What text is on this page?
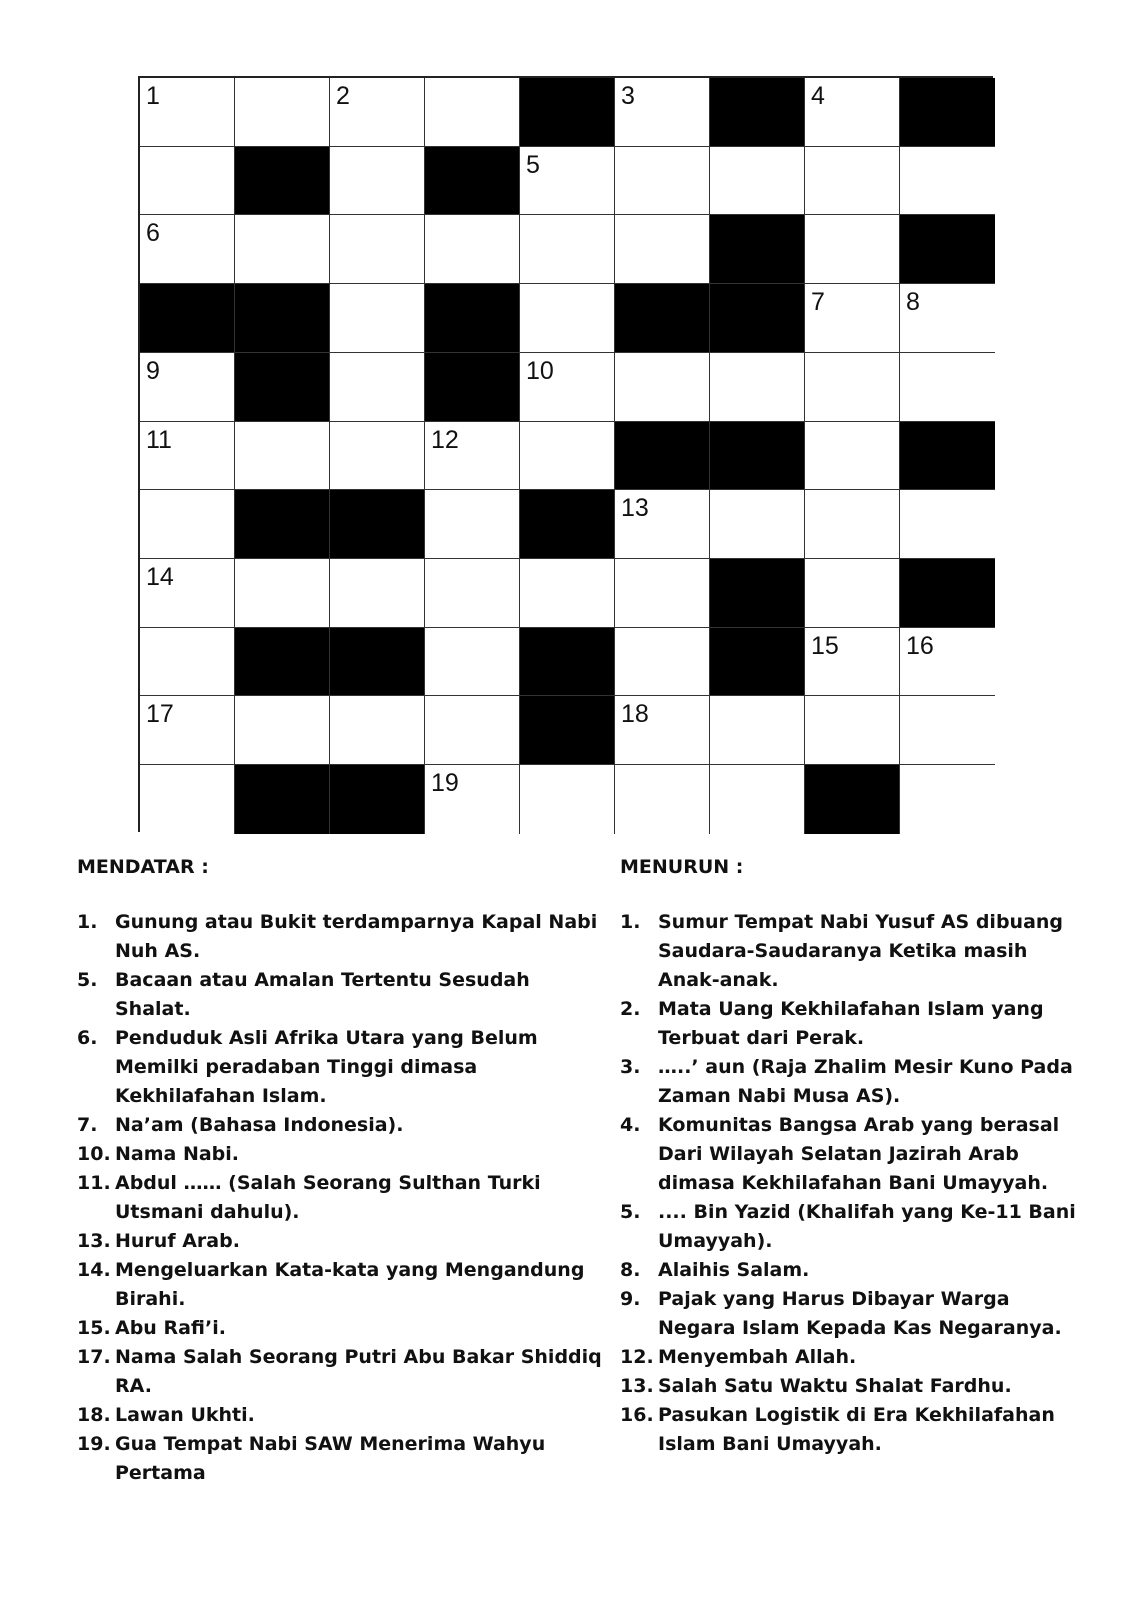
1	2	3	4
5
6
7	8
9	10
11	12
13
14
15	16
17	18
19
MENDATAR :
1. Gunung atau Bukit terdamparnya Kapal Nabi Nuh AS.
5. Bacaan atau Amalan Tertentu Sesudah Shalat.
6. Penduduk Asli Afrika Utara yang Belum Memilki peradaban Tinggi dimasa Kekhilafahan Islam.
7. Na’am (Bahasa Indonesia).
10. Nama Nabi.
11. Abdul …… (Salah Seorang Sulthan Turki Utsmani dahulu).
13. Huruf Arab.
14. Mengeluarkan Kata-kata yang Mengandung Birahi.
15. Abu Rafi’i.
17. Nama Salah Seorang Putri Abu Bakar Shiddiq RA.
18. Lawan Ukhti.
19. Gua Tempat Nabi SAW Menerima Wahyu Pertama
MENURUN :
1. Sumur Tempat Nabi Yusuf AS dibuang Saudara-Saudaranya Ketika masih Anak-anak.
2. Mata Uang Kekhilafahan Islam yang Terbuat dari Perak.
3. …..’ aun (Raja Zhalim Mesir Kuno Pada Zaman Nabi Musa AS).
4. Komunitas Bangsa Arab yang berasal Dari Wilayah Selatan Jazirah Arab dimasa Kekhilafahan Bani Umayyah.
5. .... Bin Yazid (Khalifah yang Ke-11 Bani Umayyah).
8. Alaihis Salam.
9. Pajak yang Harus Dibayar Warga Negara Islam Kepada Kas Negaranya.
12. Menyembah Allah.
13. Salah Satu Waktu Shalat Fardhu.
16. Pasukan Logistik di Era Kekhilafahan Islam Bani Umayyah.
